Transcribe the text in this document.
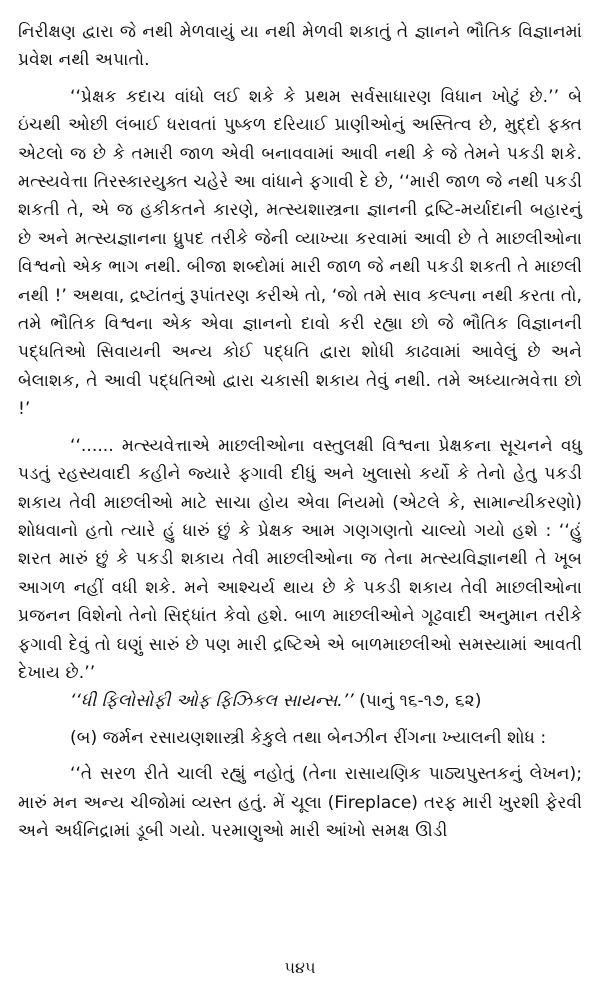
નિરીક્ષણ દ્વારા જે નથી મેળવાયું યા નથી મેળવી શકાતું તે જ્ઞાનને ભૌતિક વિજ્ઞાનમાં પ્રવેશ નથી અપાતો.

‘‘પ્રેક્ષક કદાચ વાંધો લઈ શકે કે પ્રથમ સર્વસાધારણ વિધાન ખોટું છે.’’ બે ઇંચથી ઓછી લંબાઈ ધરાવતાં પુષ્કળ દરિયાઈ પ્રાણીઓનું અસ્તિત્વ છે, મુદ્દો ફક્ત એટલો જ છે કે તમારી જાળ એવી બનાવવામાં આવી નથી કે જે તેમને પકડી શકે. મત્સ્યવેત્તા તિરસ્કારયુક્ત ચહેરે આ વાંધાને ફગાવી દે છે, ‘‘મારી જાળ જે નથી પકડી શકતી તે, એ જ હકીકતને કારણે, મત્સ્યશાસ્ત્રના જ્ઞાનની દ્રષ્ટિ-મર્યાદાની બહારનું છે અને મત્સ્યજ્ઞાનના ધ્રુપદ તરીકે જેની વ્યાખ્યા કરવામાં આવી છે તે માછલીઓના વિશ્વનો એક ભાગ નથી. બીજા શબ્દોમાં મારી જાળ જે નથી પકડી શકતી તે માછલી નથી !’ અથવા, દ્રષ્ટાંતનું રૂપાંતરણ કરીએ તો, ‘જો તમે સાવ કલ્પના નથી કરતા તો, તમે ભૌતિક વિશ્વના એક એવા જ્ઞાનનો દાવો કરી રહ્યા છો જે ભૌતિક વિજ્ઞાનની પદ્ધતિઓ સિવાયની અન્ય કોઈ પદ્ધતિ દ્વારા શોધી કાઢવામાં આવેલું છે અને બેલાશક, તે આવી પદ્ધતિઓ દ્વારા ચકાસી શકાય તેવું નથી. તમે અધ્યાત્મવેત્તા છો !’

‘‘...... મત્સ્યવેત્તાએ માછલીઓના વસ્તુલક્ષી વિશ્વના પ્રેક્ષકના સૂચનને વધુ પડતું રહસ્યવાદી કહીને જ્યારે ફગાવી દીધું અને ખુલાસો કર્યો કે તેનો હેતુ પકડી શકાય તેવી માછલીઓ માટે સાચા હોય એવા નિયમો (એટલે કે, સામાન્યીકરણો) શોધવાનો હતો ત્યારે હું ધારું છું કે પ્રેક્ષક આમ ગણગણતો ચાલ્યો ગયો હશે : ‘‘હું શરત મારું છું કે પકડી શકાય તેવી માછલીઓના જ તેના મત્સ્યવિજ્ઞાનથી તે ખૂબ આગળ નહીં વધી શકે. મને આશ્ચર્ય થાય છે કે પકડી શકાય તેવી માછલીઓના પ્રજનન વિશેનો તેનો સિદ્ધાંત કેવો હશે. બાળ માછલીઓને ગૂઢવાદી અનુમાન તરીકે ફગાવી દેવું તો ઘણું સારું છે પણ મારી દ્રષ્ટિએ એ બાળમાછલીઓ સમસ્યામાં આવતી દેખાય છે.’’

‘‘ધી ફિલોસોફી ઓફ ફિઝિકલ સાયન્સ.’’ (પાનું ૧૬-૧૭, ૬૨)

(બ) જર્મન રસાયણશાસ્ત્રી કેકુલે તથા બેનઝીન રીંગના ખ્યાલની શોધ :

‘‘તે સરળ રીતે ચાલી રહ્યું નહોતું (તેના રાસાયણિક પાઠ્યપુસ્તકનું લેખન); મારું મન અન્ય ચીજોમાં વ્યસ્ત હતું. મેં ચૂલા (Fireplace) તરફ મારી ખુરશી ફેરવી અને અર્ધનિદ્રામાં ડૂબી ગયો. પરમાણુઓ મારી આંખો સમક્ષ ઊડી

૫૪૫
